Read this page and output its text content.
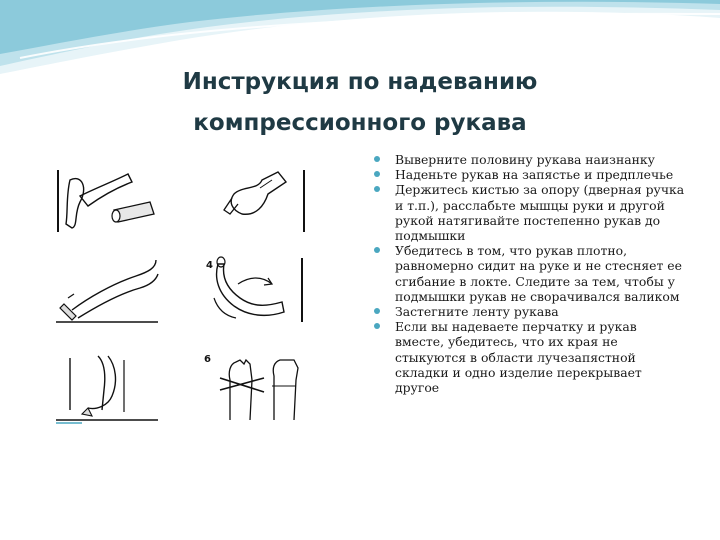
Инструкция по надеванию
компрессионного рукава
4
6
Выверните половину рукава наизнанку
Наденьте рукав на запястье и предплечье
Держитесь кистью за опору (дверная ручка и т.п.), расслабьте мышцы руки и другой рукой натягивайте постепенно рукав до подмышки
Убедитесь в том, что рукав плотно, равномерно сидит на руке и не стесняет ее сгибание в локте. Следите за тем, чтобы у подмышки рукав не сворачивался валиком
Застегните ленту рукава
Если вы надеваете перчатку и рукав вместе, убедитесь, что их края не стыкуются в области лучезапястной складки и одно изделие перекрывает другое
